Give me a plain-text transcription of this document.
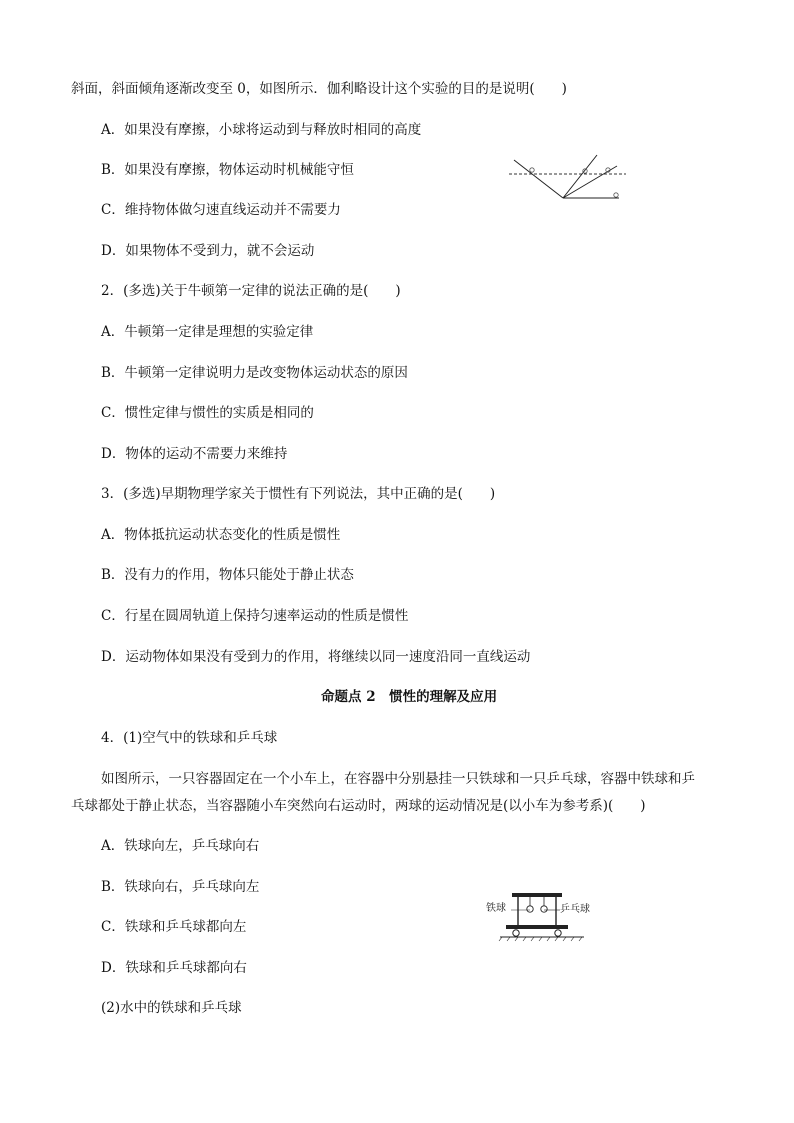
斜面，斜面倾角逐渐改变至 0，如图所示．伽利略设计这个实验的目的是说明(　　)
A．如果没有摩擦，小球将运动到与释放时相同的高度
B．如果没有摩擦，物体运动时机械能守恒
C．维持物体做匀速直线运动并不需要力
D．如果物体不受到力，就不会运动
2．(多选)关于牛顿第一定律的说法正确的是(　　)
A．牛顿第一定律是理想的实验定律
B．牛顿第一定律说明力是改变物体运动状态的原因
C．惯性定律与惯性的实质是相同的
D．物体的运动不需要力来维持
3．(多选)早期物理学家关于惯性有下列说法，其中正确的是(　　)
A．物体抵抗运动状态变化的性质是惯性
B．没有力的作用，物体只能处于静止状态
C．行星在圆周轨道上保持匀速率运动的性质是惯性
D．运动物体如果没有受到力的作用，将继续以同一速度沿同一直线运动
命题点 2　惯性的理解及应用
4．(1)空气中的铁球和乒乓球
如图所示，一只容器固定在一个小车上，在容器中分别悬挂一只铁球和一只乒乓球，容器中铁球和乒
乓球都处于静止状态，当容器随小车突然向右运动时，两球的运动情况是(以小车为参考系)(　　)
A．铁球向左，乒乓球向右
B．铁球向右，乒乓球向左
C．铁球和乒乓球都向左
D．铁球和乒乓球都向右
(2)水中的铁球和乒乓球
铁球	乒乓球
